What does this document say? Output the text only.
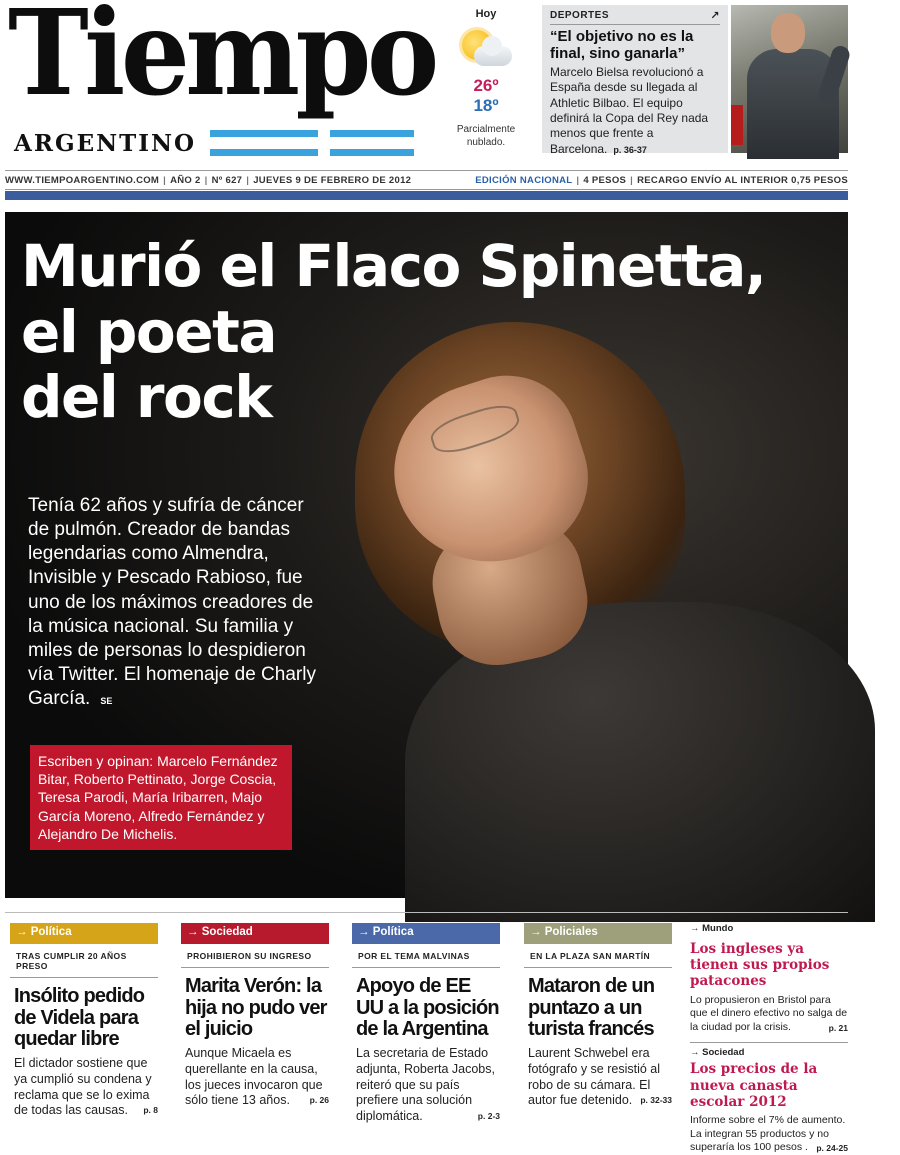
Tiempo
ARGENTINO
Hoy
26º
18º
Parcialmente nublado.
DEPORTES	↗
“El objetivo no es la final, sino ganarla”
Marcelo Bielsa revolucionó a España desde su llegada al Athletic Bilbao. El equipo definirá la Copa del Rey nada menos que frente a Barcelona. p. 36-37
WWW.TIEMPOARGENTINO.COM | AÑO 2 | Nº 627 | JUEVES 9 DE FEBRERO DE 2012	EDICIÓN NACIONAL | 4 PESOS | RECARGO ENVÍO AL INTERIOR 0,75 PESOS
Murió el Flaco Spinetta,
el poeta
del rock
Tenía 62 años y sufría de cáncer de pulmón. Creador de bandas legendarias como Almendra, Invisible y Pescado Rabioso, fue uno de los máximos creadores de la música nacional. Su familia y miles de personas lo despidieron vía Twitter. El homenaje de Charly García. SE
Escriben y opinan: Marcelo Fernández Bitar, Roberto Pettinato, Jorge Coscia, Teresa Parodi, María Iribarren, Majo García Moreno, Alfredo Fernández y Alejandro De Michelis.
→ Política
TRAS CUMPLIR 20 AÑOS PRESO
Insólito pedido de Videla para quedar libre
El dictador sostiene que ya cumplió su condena y reclama que se lo exima de todas las causas. p. 8
→ Sociedad
PROHIBIERON SU INGRESO
Marita Verón: la hija no pudo ver el juicio
Aunque Micaela es querellante en la causa, los jueces invocaron que sólo tiene 13 años. p. 26
→ Política
POR EL TEMA MALVINAS
Apoyo de EE UU a la posición de la Argentina
La secretaria de Estado adjunta, Roberta Jacobs, reiteró que su país prefiere una solución diplomática.	p. 2-3
→ Policiales
EN LA PLAZA SAN MARTÍN
Mataron de un puntazo a un turista francés
Laurent Schwebel era fotógrafo y se resistió al robo de su cámara. El autor fue detenido. p. 32-33
→ Mundo
Los ingleses ya tienen sus propios patacones
Lo propusieron en Bristol para que el dinero efectivo no salga de la ciudad por la crisis.	p. 21
→ Sociedad
Los precios de la nueva canasta escolar 2012
Informe sobre el 7% de aumento. La integran 55 productos y no superaría los 100 pesos . p. 24-25
